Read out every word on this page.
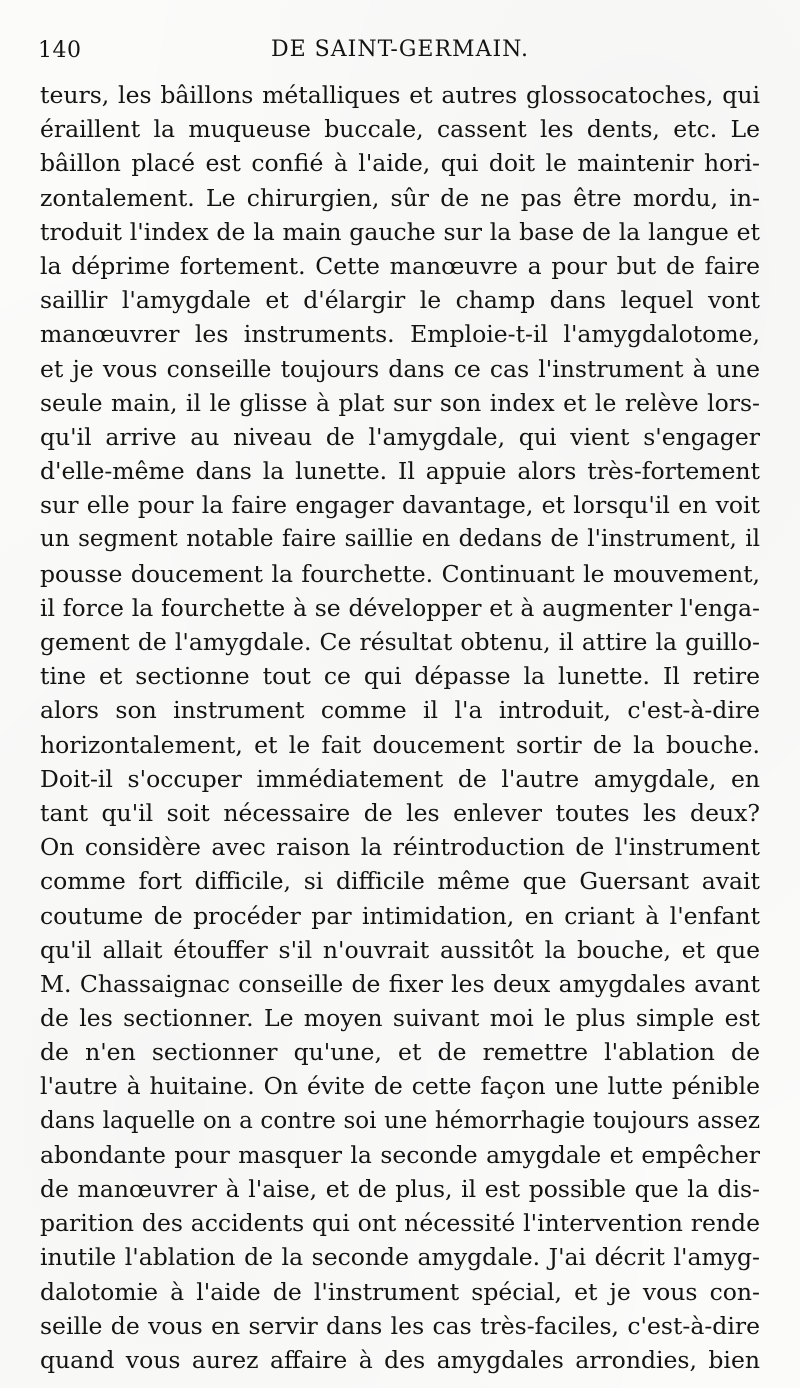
140	DE SAINT-GERMAIN.
teurs, les bâillons métalliques et autres glossocatoches, qui
éraillent la muqueuse buccale, cassent les dents, etc. Le
bâillon placé est confié à l'aide, qui doit le maintenir hori-
zontalement. Le chirurgien, sûr de ne pas être mordu, in-
troduit l'index de la main gauche sur la base de la langue et
la déprime fortement. Cette manœuvre a pour but de faire
saillir l'amygdale et d'élargir le champ dans lequel vont
manœuvrer les instruments. Emploie-t-il l'amygdalotome,
et je vous conseille toujours dans ce cas l'instrument à une
seule main, il le glisse à plat sur son index et le relève lors-
qu'il arrive au niveau de l'amygdale, qui vient s'engager
d'elle-même dans la lunette. Il appuie alors très-fortement
sur elle pour la faire engager davantage, et lorsqu'il en voit
un segment notable faire saillie en dedans de l'instrument, il
pousse doucement la fourchette. Continuant le mouvement,
il force la fourchette à se développer et à augmenter l'enga-
gement de l'amygdale. Ce résultat obtenu, il attire la guillo-
tine et sectionne tout ce qui dépasse la lunette. Il retire
alors son instrument comme il l'a introduit, c'est-à-dire
horizontalement, et le fait doucement sortir de la bouche.
Doit-il s'occuper immédiatement de l'autre amygdale, en
tant qu'il soit nécessaire de les enlever toutes les deux?
On considère avec raison la réintroduction de l'instrument
comme fort difficile, si difficile même que Guersant avait
coutume de procéder par intimidation, en criant à l'enfant
qu'il allait étouffer s'il n'ouvrait aussitôt la bouche, et que
M. Chassaignac conseille de fixer les deux amygdales avant
de les sectionner. Le moyen suivant moi le plus simple est
de n'en sectionner qu'une, et de remettre l'ablation de
l'autre à huitaine. On évite de cette façon une lutte pénible
dans laquelle on a contre soi une hémorrhagie toujours assez
abondante pour masquer la seconde amygdale et empêcher
de manœuvrer à l'aise, et de plus, il est possible que la dis-
parition des accidents qui ont nécessité l'intervention rende
inutile l'ablation de la seconde amygdale. J'ai décrit l'amyg-
dalotomie à l'aide de l'instrument spécial, et je vous con-
seille de vous en servir dans les cas très-faciles, c'est-à-dire
quand vous aurez affaire à des amygdales arrondies, bien
